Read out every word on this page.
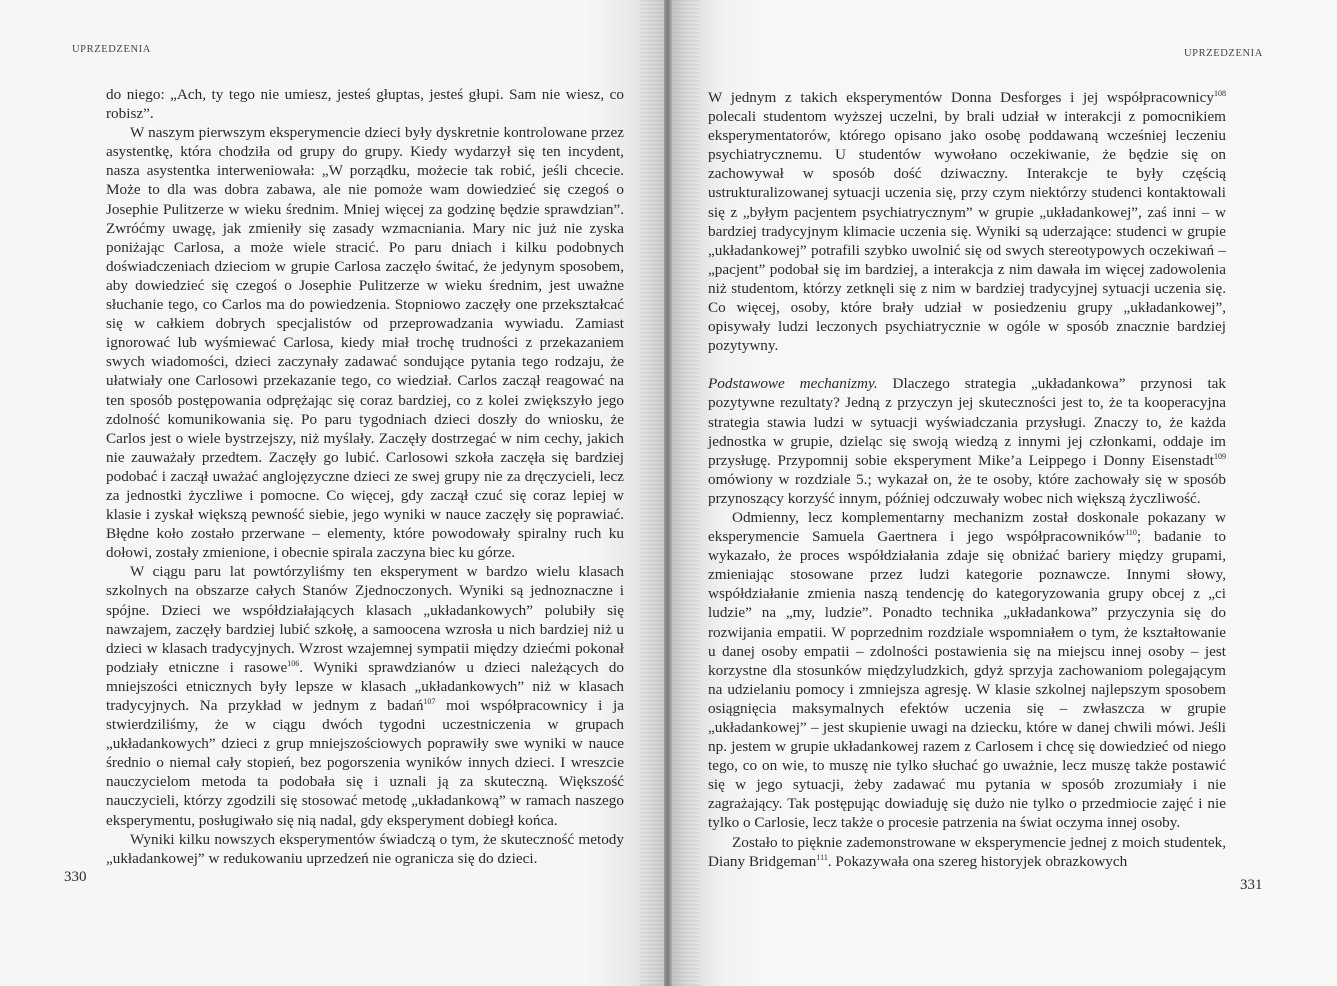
UPRZEDZENIA

do niego: „Ach, ty tego nie umiesz, jesteś głuptas, jesteś głupi. Sam nie wiesz, co robisz”.

W naszym pierwszym eksperymencie dzieci były dyskretnie kontrolowane przez asystentkę, która chodziła od grupy do grupy. Kiedy wydarzył się ten incydent, nasza asystentka interweniowała: „W porządku, możecie tak robić, jeśli chcecie. Może to dla was dobra zabawa, ale nie pomoże wam dowiedzieć się czegoś o Josephie Pulitzerze w wieku średnim. Mniej więcej za godzinę będzie sprawdzian”. Zwróćmy uwagę, jak zmieniły się zasady wzmacniania. Mary nic już nie zyska poniżając Carlosa, a może wiele stracić. Po paru dniach i kilku podobnych doświadczeniach dzieciom w grupie Carlosa zaczęło świtać, że jedynym sposobem, aby dowiedzieć się czegoś o Josephie Pulitzerze w wieku średnim, jest uważne słuchanie tego, co Carlos ma do powiedzenia. Stopniowo zaczęły one przekształcać się w całkiem dobrych specjalistów od przeprowadzania wywiadu. Zamiast ignorować lub wyśmiewać Carlosa, kiedy miał trochę trudności z przekazaniem swych wiadomości, dzieci zaczynały zadawać sondujące pytania tego rodzaju, że ułatwiały one Carlosowi przekazanie tego, co wiedział. Carlos zaczął reagować na ten sposób postępowania odprężając się coraz bardziej, co z kolei zwiększyło jego zdolność komunikowania się. Po paru tygodniach dzieci doszły do wniosku, że Carlos jest o wiele bystrzejszy, niż myślały. Zaczęły dostrzegać w nim cechy, jakich nie zauważały przedtem. Zaczęły go lubić. Carlosowi szkoła zaczęła się bardziej podobać i zaczął uważać anglojęzyczne dzieci ze swej grupy nie za dręczycieli, lecz za jednostki życzliwe i pomocne. Co więcej, gdy zaczął czuć się coraz lepiej w klasie i zyskał większą pewność siebie, jego wyniki w nauce zaczęły się poprawiać. Błędne koło zostało przerwane – elementy, które powodowały spiralny ruch ku dołowi, zostały zmienione, i obecnie spirala zaczyna biec ku górze.

W ciągu paru lat powtórzyliśmy ten eksperyment w bardzo wielu klasach szkolnych na obszarze całych Stanów Zjednoczonych. Wyniki są jednoznaczne i spójne. Dzieci we współdziałających klasach „układankowych” polubiły się nawzajem, zaczęły bardziej lubić szkołę, a samoocena wzrosła u nich bardziej niż u dzieci w klasach tradycyjnych. Wzrost wzajemnej sympatii między dziećmi pokonał podziały etniczne i rasowe$^{106}$. Wyniki sprawdzianów u dzieci należących do mniejszości etnicznych były lepsze w klasach „układankowych” niż w klasach tradycyjnych. Na przykład w jednym z badań$^{107}$ moi współpracownicy i ja stwierdziliśmy, że w ciągu dwóch tygodni uczestniczenia w grupach „układankowych” dzieci z grup mniejszościowych poprawiły swe wyniki w nauce średnio o niemal cały stopień, bez pogorszenia wyników innych dzieci. I wreszcie nauczycielom metoda ta podobała się i uznali ją za skuteczną. Większość nauczycieli, którzy zgodzili się stosować metodę „układankową” w ramach naszego eksperymentu, posługiwało się nią nadal, gdy eksperyment dobiegł końca.

Wyniki kilku nowszych eksperymentów świadczą o tym, że skuteczność metody „układankowej” w redukowaniu uprzedzeń nie ogranicza się do dzieci.

330
UPRZEDZENIA

W jednym z takich eksperymentów Donna Desforges i jej współpracownicy$^{108}$ polecali studentom wyższej uczelni, by brali udział w interakcji z pomocnikiem eksperymentatorów, którego opisano jako osobę poddawaną wcześniej leczeniu psychiatrycznemu. U studentów wywołano oczekiwanie, że będzie się on zachowywał w sposób dość dziwaczny. Interakcje te były częścią ustrukturalizowanej sytuacji uczenia się, przy czym niektórzy studenci kontaktowali się z „byłym pacjentem psychiatrycznym” w grupie „układankowej”, zaś inni – w bardziej tradycyjnym klimacie uczenia się. Wyniki są uderzające: studenci w grupie „układankowej” potrafili szybko uwolnić się od swych stereotypowych oczekiwań – „pacjent” podobał się im bardziej, a interakcja z nim dawała im więcej zadowolenia niż studentom, którzy zetknęli się z nim w bardziej tradycyjnej sytuacji uczenia się. Co więcej, osoby, które brały udział w posiedzeniu grupy „układankowej”, opisywały ludzi leczonych psychiatrycznie w ogóle w sposób znacznie bardziej pozytywny.

Podstawowe mechanizmy. Dlaczego strategia „układankowa” przynosi tak pozytywne rezultaty? Jedną z przyczyn jej skuteczności jest to, że ta kooperacyjna strategia stawia ludzi w sytuacji wyświadczania przysługi. Znaczy to, że każda jednostka w grupie, dzieląc się swoją wiedzą z innymi jej członkami, oddaje im przysługę. Przypomnij sobie eksperyment Mike’a Leippego i Donny Eisenstadt$^{109}$ omówiony w rozdziale 5.; wykazał on, że te osoby, które zachowały się w sposób przynoszący korzyść innym, później odczuwały wobec nich większą życzliwość.

Odmienny, lecz komplementarny mechanizm został doskonale pokazany w eksperymencie Samuela Gaertnera i jego współpracowników$^{110}$; badanie to wykazało, że proces współdziałania zdaje się obniżać bariery między grupami, zmieniając stosowane przez ludzi kategorie poznawcze. Innymi słowy, współdziałanie zmienia naszą tendencję do kategoryzowania grupy obcej z „ci ludzie” na „my, ludzie”. Ponadto technika „układankowa” przyczynia się do rozwijania empatii. W poprzednim rozdziale wspomniałem o tym, że kształtowanie u danej osoby empatii – zdolności postawienia się na miejscu innej osoby – jest korzystne dla stosunków międzyludzkich, gdyż sprzyja zachowaniom polegającym na udzielaniu pomocy i zmniejsza agresję. W klasie szkolnej najlepszym sposobem osiągnięcia maksymalnych efektów uczenia się – zwłaszcza w grupie „układankowej” – jest skupienie uwagi na dziecku, które w danej chwili mówi. Jeśli np. jestem w grupie układankowej razem z Carlosem i chcę się dowiedzieć od niego tego, co on wie, to muszę nie tylko słuchać go uważnie, lecz muszę także postawić się w jego sytuacji, żeby zadawać mu pytania w sposób zrozumiały i nie zagrażający. Tak postępując dowiaduję się dużo nie tylko o przedmiocie zajęć i nie tylko o Carlosie, lecz także o procesie patrzenia na świat oczyma innej osoby.

Zostało to pięknie zademonstrowane w eksperymencie jednej z moich studentek, Diany Bridgeman$^{111}$. Pokazywała ona szereg historyjek obrazkowych

331
